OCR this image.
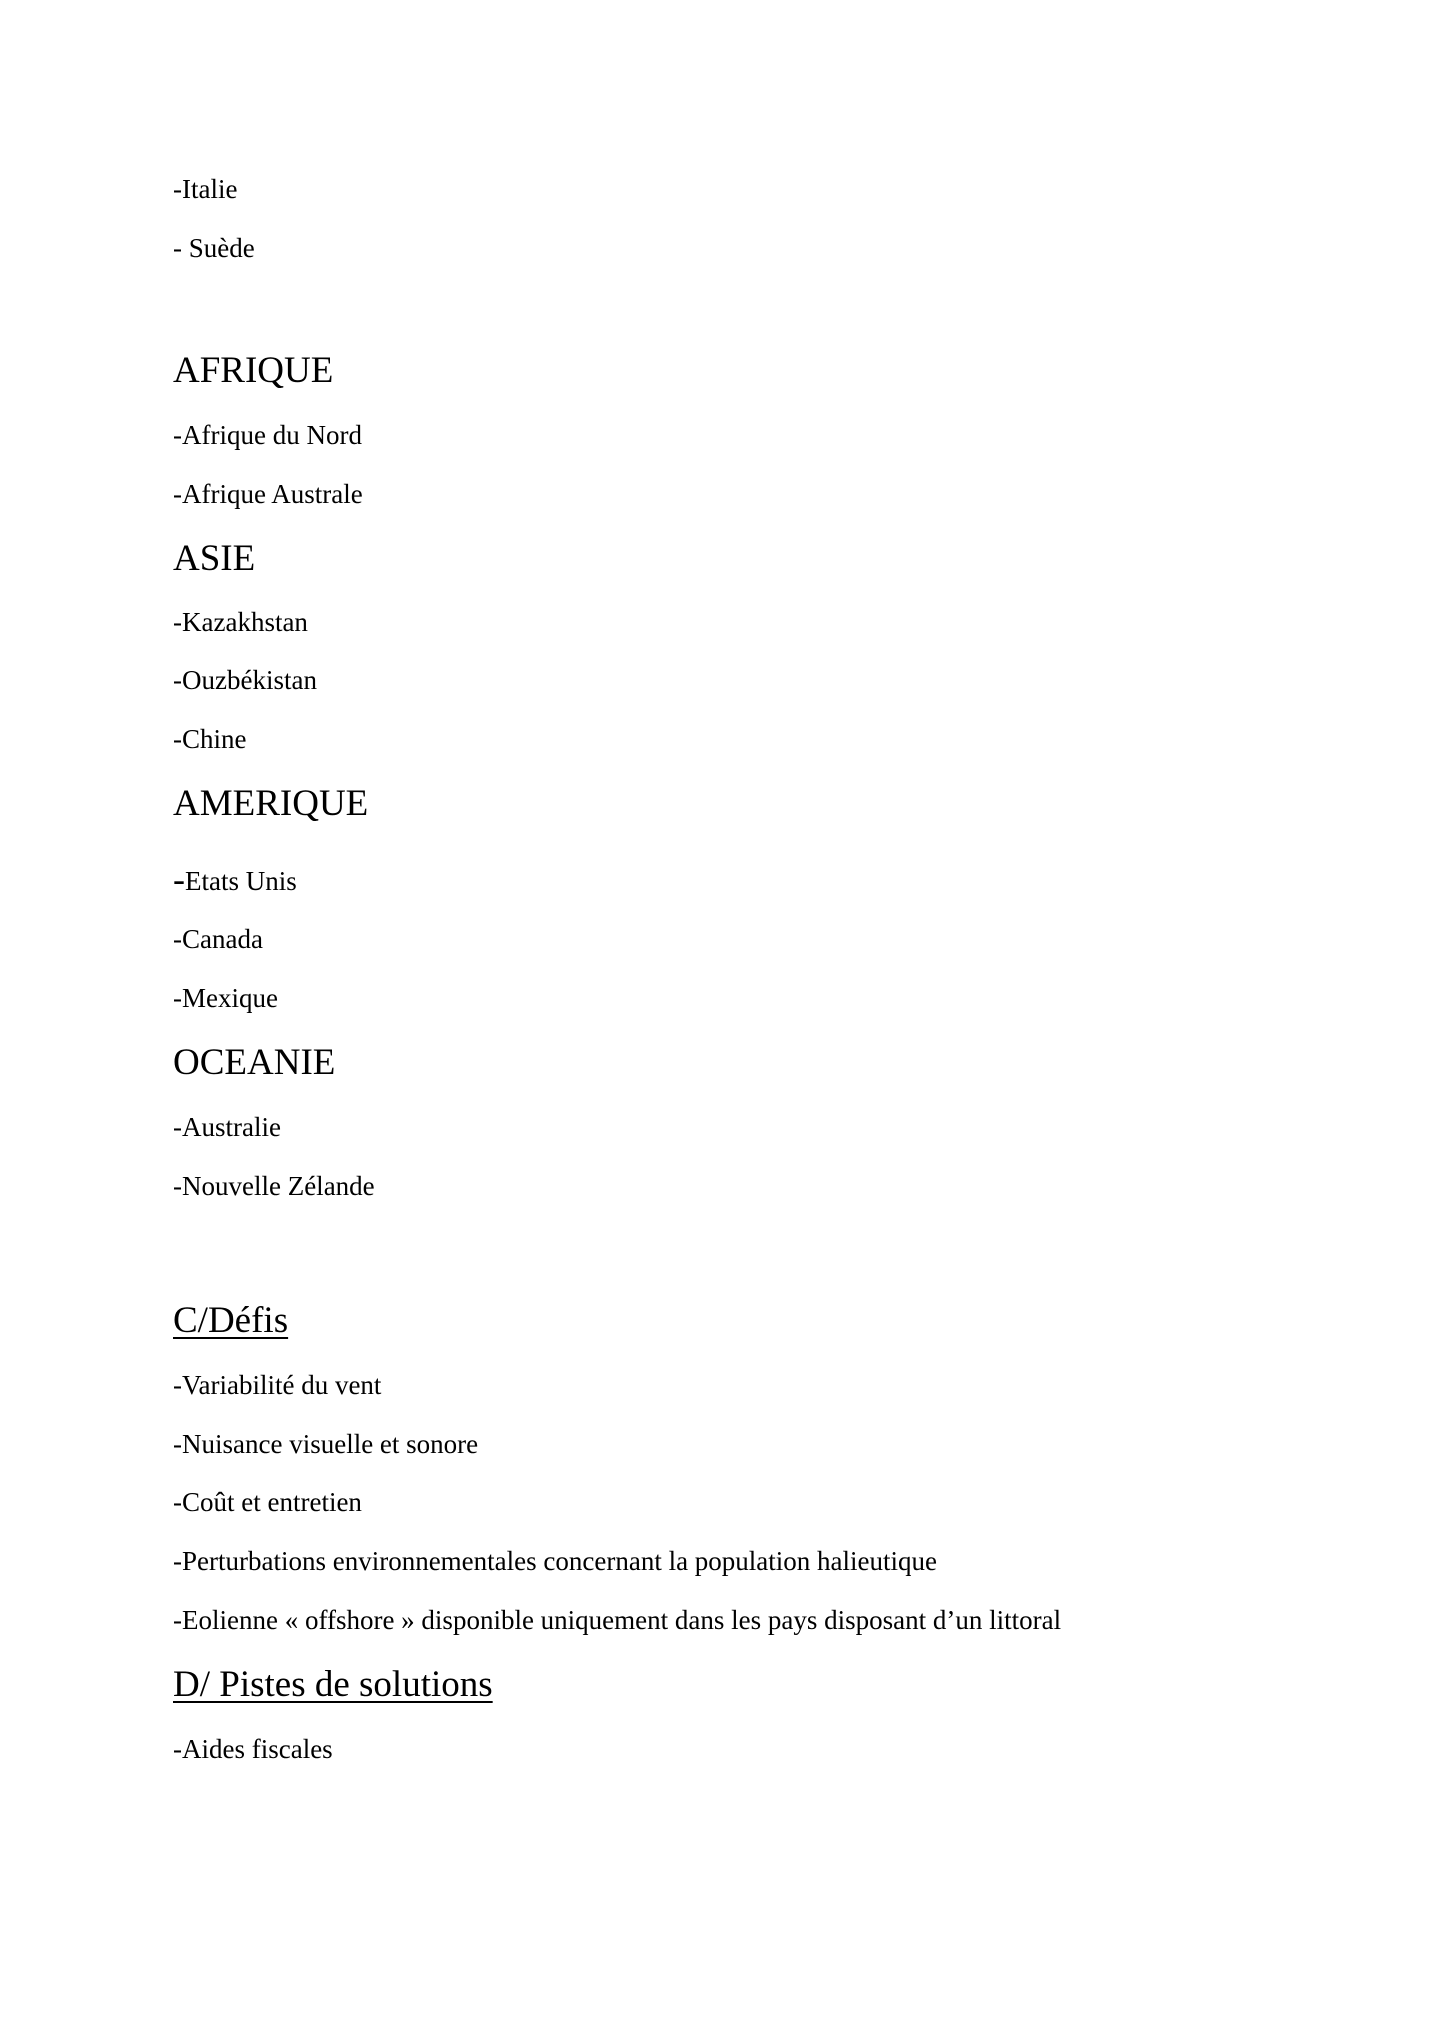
-Italie
- Suède
AFRIQUE
-Afrique du Nord
-Afrique Australe
ASIE
-Kazakhstan
-Ouzbékistan
-Chine
AMERIQUE
-Etats Unis
-Canada
-Mexique
OCEANIE
-Australie
-Nouvelle Zélande
C/Défis
-Variabilité du vent
-Nuisance visuelle et sonore
-Coût et entretien
-Perturbations environnementales concernant la population halieutique
-Eolienne « offshore » disponible uniquement dans les pays disposant d’un littoral
D/ Pistes de solutions
-Aides fiscales
